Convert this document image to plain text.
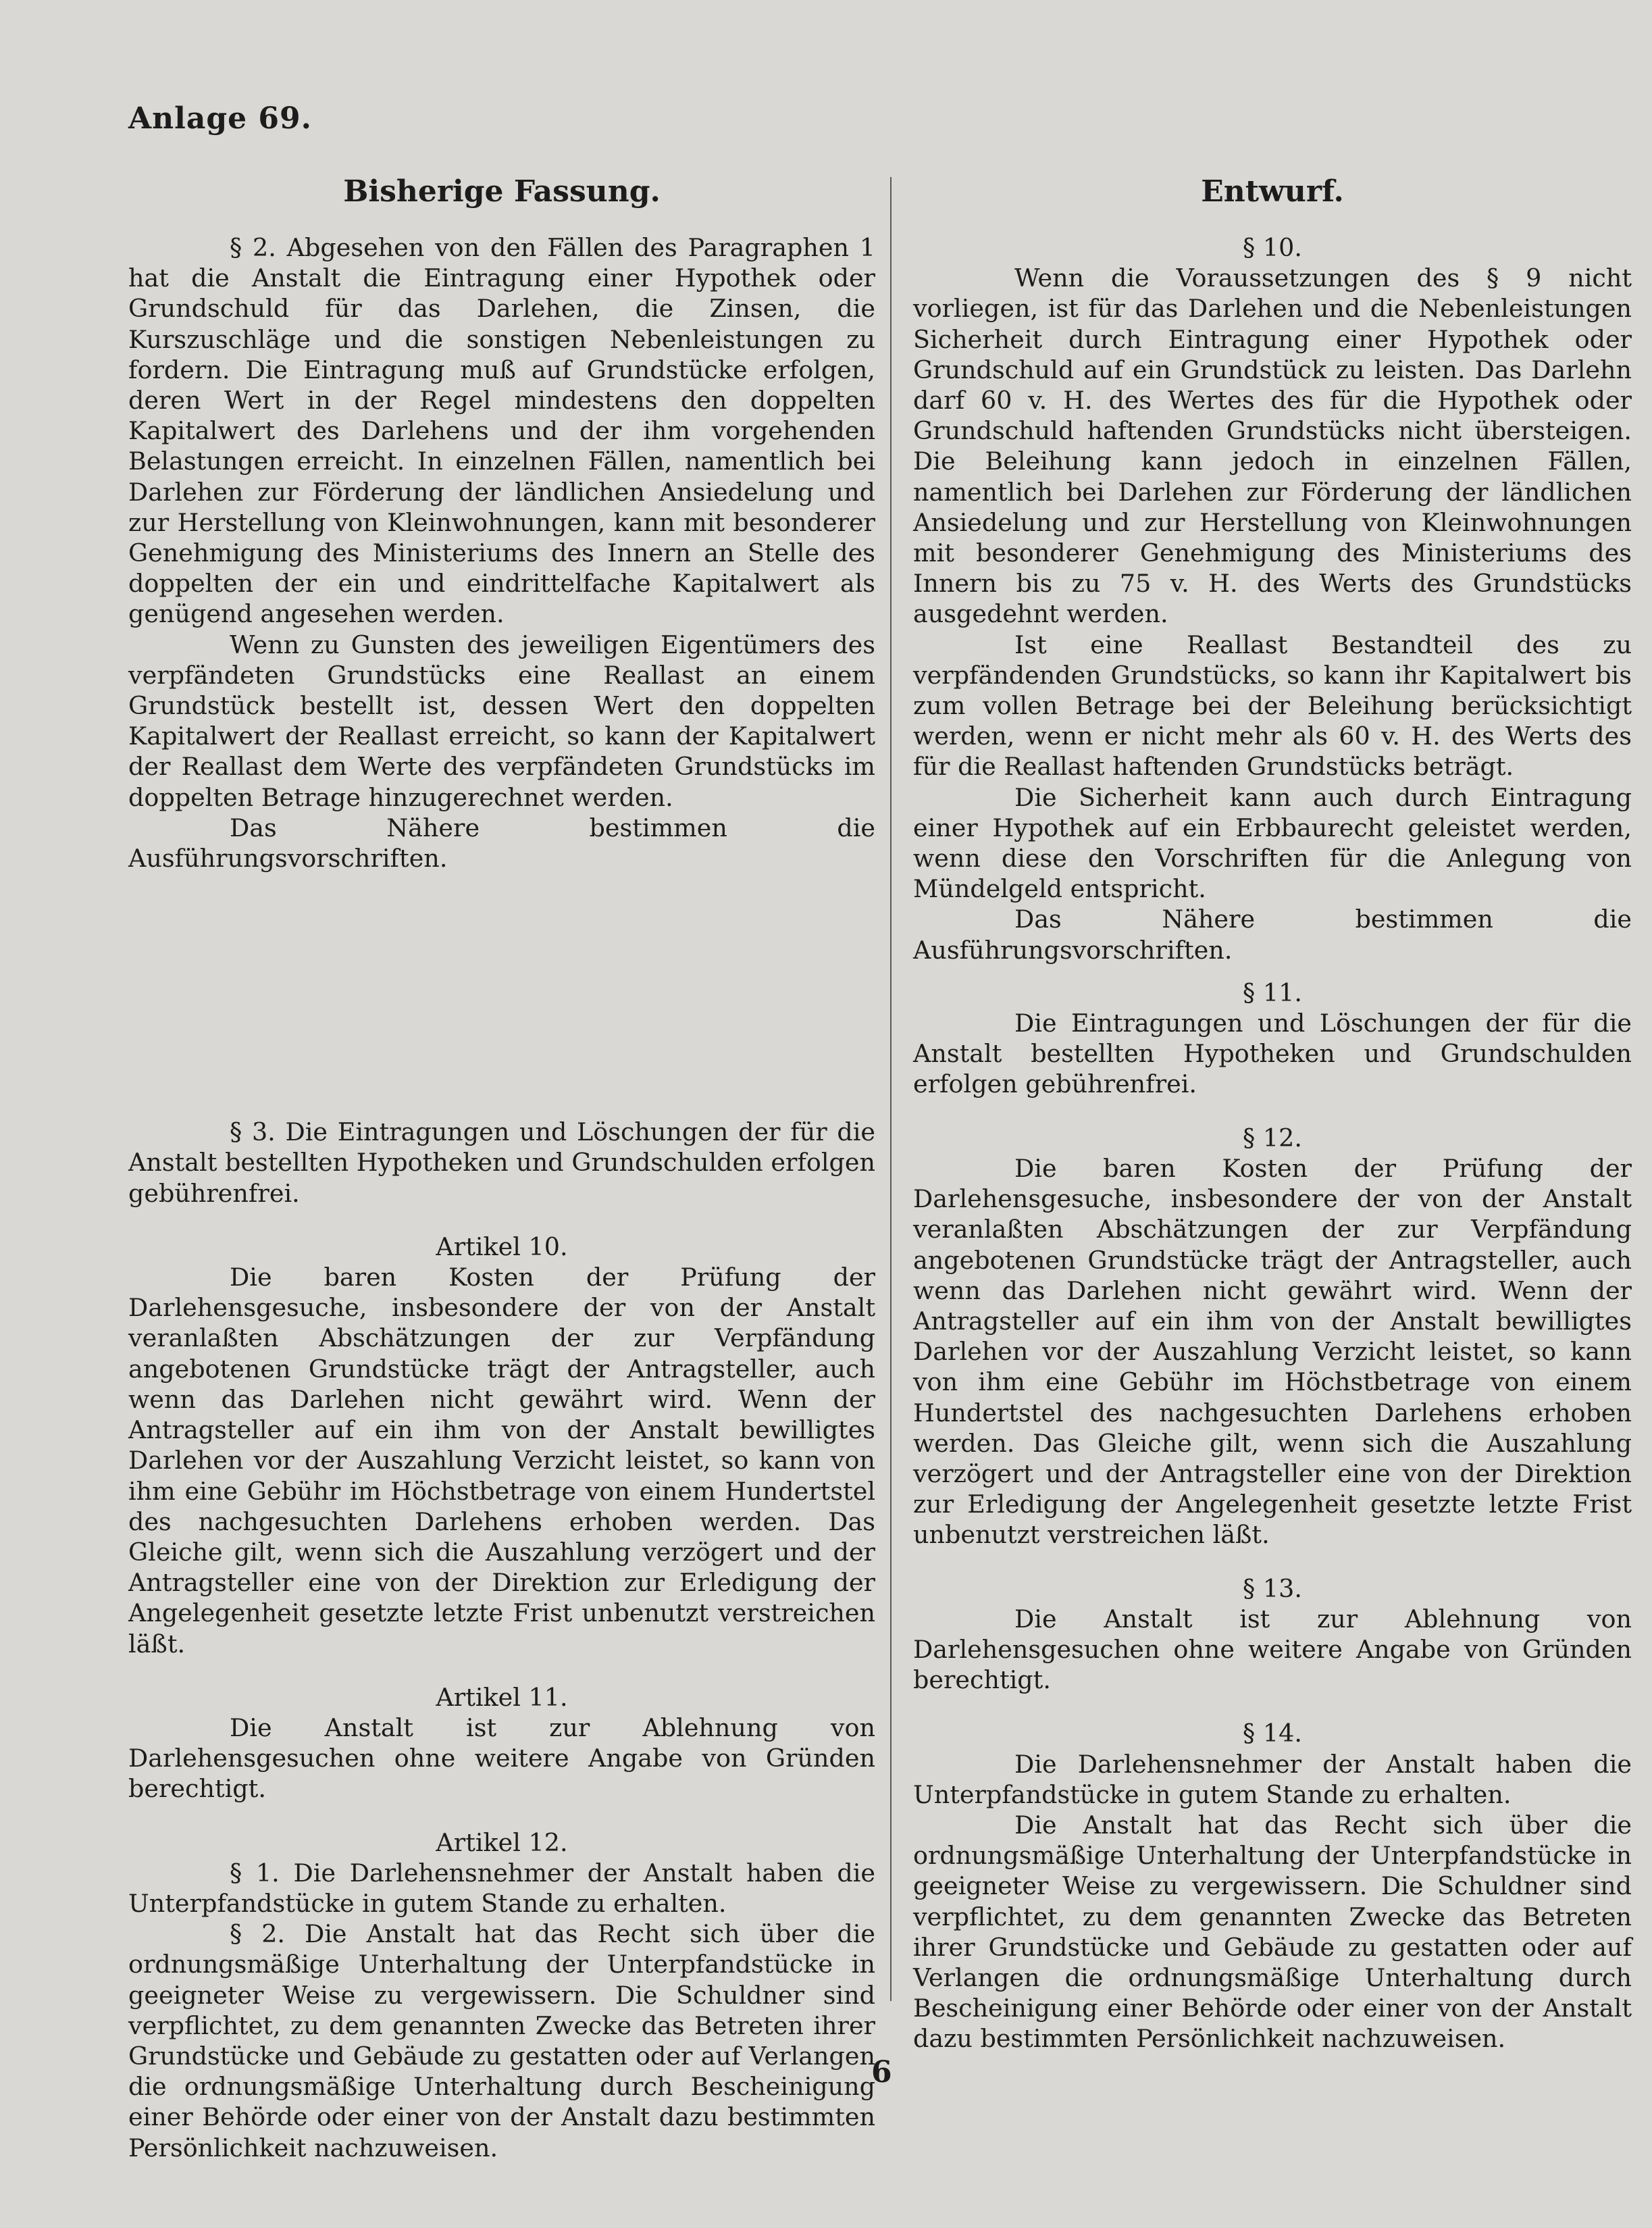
Anlage 69.
Bisherige Fassung.

§ 2. Abgesehen von den Fällen des Paragraphen 1 hat die Anstalt die Eintragung einer Hypothek oder Grundschuld für das Darlehen, die Zinsen, die Kurszuschläge und die sonstigen Nebenleistungen zu fordern. Die Eintragung muß auf Grundstücke erfolgen, deren Wert in der Regel mindestens den doppelten Kapitalwert des Darlehens und der ihm vorgehenden Belastungen erreicht. In einzelnen Fällen, namentlich bei Darlehen zur Förderung der ländlichen Ansiedelung und zur Herstellung von Kleinwohnungen, kann mit besonderer Genehmigung des Ministeriums des Innern an Stelle des doppelten der ein und eindrittelfache Kapitalwert als genügend angesehen werden.

Wenn zu Gunsten des jeweiligen Eigentümers des verpfändeten Grundstücks eine Reallast an einem Grundstück bestellt ist, dessen Wert den doppelten Kapitalwert der Reallast erreicht, so kann der Kapitalwert der Reallast dem Werte des verpfändeten Grundstücks im doppelten Betrage hinzugerechnet werden.

Das Nähere bestimmen die Ausführungsvorschriften.

§ 3. Die Eintragungen und Löschungen der für die Anstalt bestellten Hypotheken und Grundschulden erfolgen gebührenfrei.

Artikel 10.

Die baren Kosten der Prüfung der Darlehensgesuche, insbesondere der von der Anstalt veranlaßten Abschätzungen der zur Verpfändung angebotenen Grundstücke trägt der Antragsteller, auch wenn das Darlehen nicht gewährt wird. Wenn der Antragsteller auf ein ihm von der Anstalt bewilligtes Darlehen vor der Auszahlung Verzicht leistet, so kann von ihm eine Gebühr im Höchstbetrage von einem Hundertstel des nachgesuchten Darlehens erhoben werden. Das Gleiche gilt, wenn sich die Auszahlung verzögert und der Antragsteller eine von der Direktion zur Erledigung der Angelegenheit gesetzte letzte Frist unbenutzt verstreichen läßt.

Artikel 11.

Die Anstalt ist zur Ablehnung von Darlehensgesuchen ohne weitere Angabe von Gründen berechtigt.

Artikel 12.

§ 1. Die Darlehensnehmer der Anstalt haben die Unterpfandstücke in gutem Stande zu erhalten.

§ 2. Die Anstalt hat das Recht sich über die ordnungsmäßige Unterhaltung der Unterpfandstücke in geeigneter Weise zu vergewissern. Die Schuldner sind verpflichtet, zu dem genannten Zwecke das Betreten ihrer Grundstücke und Gebäude zu gestatten oder auf Verlangen die ordnungsmäßige Unterhaltung durch Bescheinigung einer Behörde oder einer von der Anstalt dazu bestimmten Persönlichkeit nachzuweisen.

Entwurf.
§ 10.

Wenn die Voraussetzungen des § 9 nicht vorliegen, ist für das Darlehen und die Nebenleistungen Sicherheit durch Eintragung einer Hypothek oder Grundschuld auf ein Grundstück zu leisten. Das Darlehn darf 60 v. H. des Wertes des für die Hypothek oder Grundschuld haftenden Grundstücks nicht übersteigen. Die Beleihung kann jedoch in einzelnen Fällen, namentlich bei Darlehen zur Förderung der ländlichen Ansiedelung und zur Herstellung von Kleinwohnungen mit besonderer Genehmigung des Ministeriums des Innern bis zu 75 v. H. des Werts des Grundstücks ausgedehnt werden.

Ist eine Reallast Bestandteil des zu verpfändenden Grundstücks, so kann ihr Kapitalwert bis zum vollen Betrage bei der Beleihung berücksichtigt werden, wenn er nicht mehr als 60 v. H. des Werts des für die Reallast haftenden Grundstücks beträgt.

Die Sicherheit kann auch durch Eintragung einer Hypothek auf ein Erbbaurecht geleistet werden, wenn diese den Vorschriften für die Anlegung von Mündelgeld entspricht.

Das Nähere bestimmen die Ausführungsvorschriften.

§ 11.

Die Eintragungen und Löschungen der für die Anstalt bestellten Hypotheken und Grundschulden erfolgen gebührenfrei.

§ 12.

Die baren Kosten der Prüfung der Darlehensgesuche, insbesondere der von der Anstalt veranlaßten Abschätzungen der zur Verpfändung angebotenen Grundstücke trägt der Antragsteller, auch wenn das Darlehen nicht gewährt wird. Wenn der Antragsteller auf ein ihm von der Anstalt bewilligtes Darlehen vor der Auszahlung Verzicht leistet, so kann von ihm eine Gebühr im Höchstbetrage von einem Hundertstel des nachgesuchten Darlehens erhoben werden. Das Gleiche gilt, wenn sich die Auszahlung verzögert und der Antragsteller eine von der Direktion zur Erledigung der Angelegenheit gesetzte letzte Frist unbenutzt verstreichen läßt.

§ 13.

Die Anstalt ist zur Ablehnung von Darlehensgesuchen ohne weitere Angabe von Gründen berechtigt.

§ 14.

Die Darlehensnehmer der Anstalt haben die Unterpfandstücke in gutem Stande zu erhalten.

Die Anstalt hat das Recht sich über die ordnungsmäßige Unterhaltung der Unterpfandstücke in geeigneter Weise zu vergewissern. Die Schuldner sind verpflichtet, zu dem genannten Zwecke das Betreten ihrer Grundstücke und Gebäude zu gestatten oder auf Verlangen die ordnungsmäßige Unterhaltung durch Bescheinigung einer Behörde oder einer von der Anstalt dazu bestimmten Persönlichkeit nachzuweisen.

6
